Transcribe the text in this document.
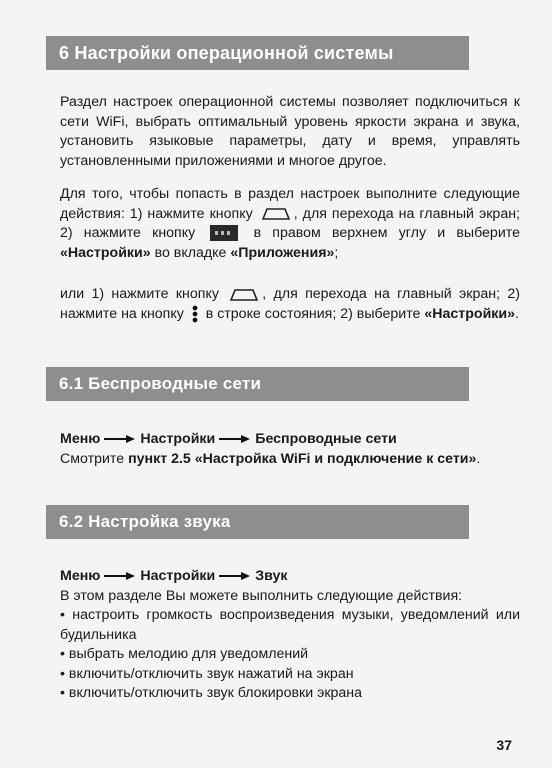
6 Настройки операционной системы

Раздел настроек операционной системы позволяет подключиться к сети WiFi, выбрать оптимальный уровень яркости экрана и звука, установить языковые параметры, дату и время, управлять установленными приложениями и многое другое.

Для того, чтобы попасть в раздел настроек выполните следующие действия: 1) нажмите кнопку	, для перехода на главный экран; 2) нажмите кнопку	в правом верхнем углу и выберите «Настройки» во вкладке «Приложения»;

или 1) нажмите кнопку	, для перехода на главный экран; 2) нажмите на кнопку в строке состояния; 2) выберите «Настройки».

6.1 Беспроводные сети

Меню	Настройки	Беспроводные сети
Смотрите пункт 2.5 «Настройка WiFi и подключение к сети».

6.2 Настройка звука

Меню	Настройки	Звук
В этом разделе Вы можете выполнить следующие действия:
• настроить громкость воспроизведения музыки, уведомлений или будильника
• выбрать мелодию для уведомлений
• включить/отключить звук нажатий на экран
• включить/отключить звук блокировки экрана

37
